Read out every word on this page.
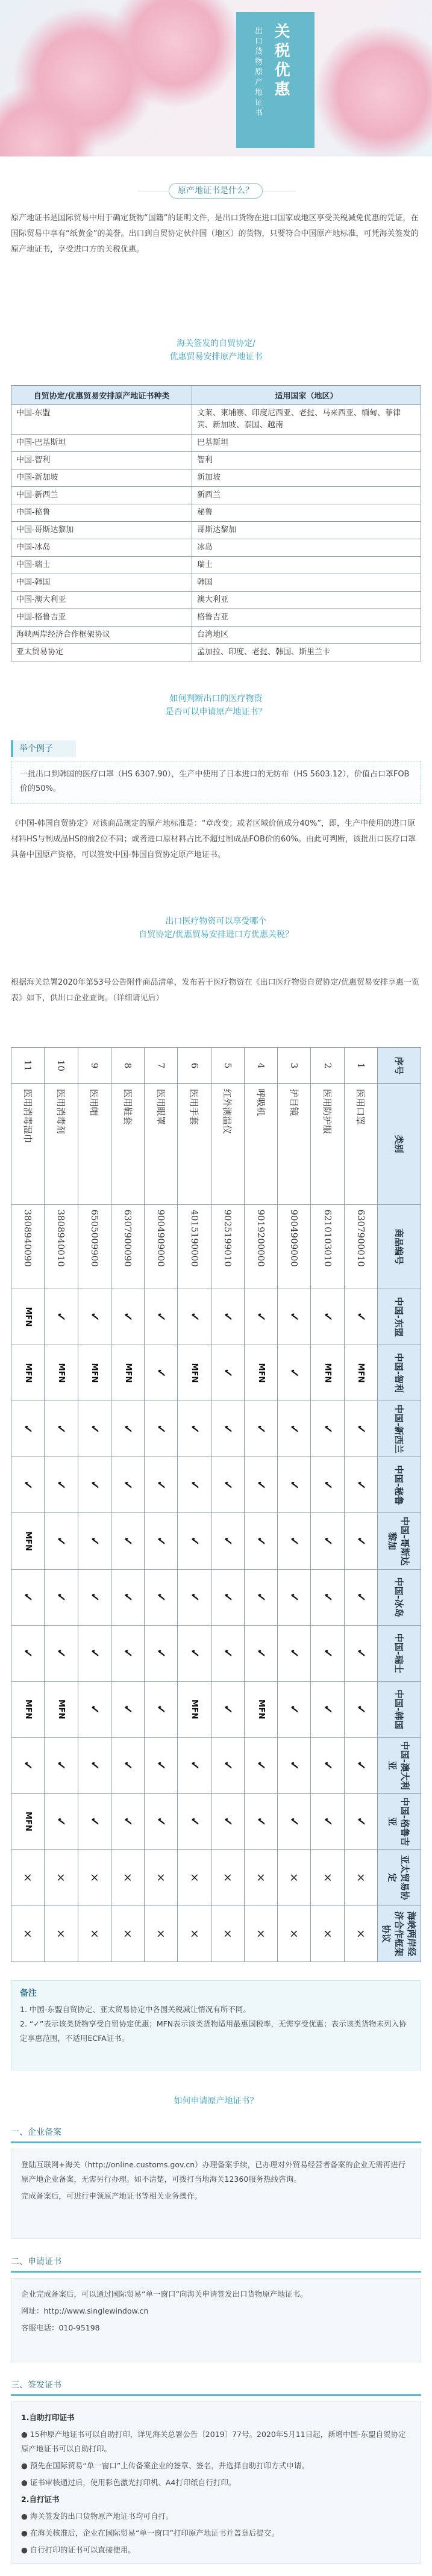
关税优惠
出口货物原产地证书
原产地证书是什么？
原产地证书是国际贸易中用于确定货物“国籍”的证明文件，是出口货物在进口国家或地区享受关税减免优惠的凭证，在国际贸易中享有“纸黄金”的美誉。出口到自贸协定伙伴国（地区）的货物，只要符合中国原产地标准，可凭海关签发的原产地证书，享受进口方的关税优惠。
海关签发的自贸协定/
优惠贸易安排原产地证书
自贸协定/优惠贸易安排原产地证书种类	适用国家（地区）
中国-东盟	文莱、柬埔寨、印度尼西亚、老挝、马来西亚、缅甸、菲律宾、新加坡、泰国、越南
中国-巴基斯坦	巴基斯坦
中国-智利	智利
中国-新加坡	新加坡
中国-新西兰	新西兰
中国-秘鲁	秘鲁
中国-哥斯达黎加	哥斯达黎加
中国-冰岛	冰岛
中国-瑞士	瑞士
中国-韩国	韩国
中国-澳大利亚	澳大利亚
中国-格鲁吉亚	格鲁吉亚
海峡两岸经济合作框架协议	台湾地区
亚太贸易协定	孟加拉、印度、老挝、韩国、斯里兰卡
如何判断出口的医疗物资
是否可以申请原产地证书？
举个例子
一批出口到韩国的医疗口罩（HS 6307.90），生产中使用了日本进口的无纺布（HS 5603.12），价值占口罩FOB价的50%。
《中国-韩国自贸协定》对该商品规定的原产地标准是：“章改变；或者区域价值成分40%”，即，生产中使用的进口原材料HS与制成品HS的前2位不同；或者进口原材料占比不超过制成品FOB价的60%。由此可判断，该批出口医疗口罩具备中国原产资格，可以签发中国-韩国自贸协定原产地证书。
出口医疗物资可以享受哪个
自贸协定/优惠贸易安排进口方优惠关税？
根据海关总署2020年第53号公告附件商品清单，发布若干医疗物资在《出口医疗物资自贸协定/优惠贸易安排享惠一览表》如下，供出口企业查询。（详细请见后）
序号	类别	商品编号	中国-东盟	中国-智利	中国-新西兰	中国-秘鲁	中国-哥斯达黎加	中国-冰岛	中国-瑞士	中国-韩国	中国-澳大利亚	中国-格鲁吉亚	亚太贸易协定	海峡两岸经济合作框架协议
1	医用口罩	6307900010	✓	MFN	✓	✓	✓	✓	✓	✓	✓	✓	×	×
2	医用防护服	6210103010	✓	MFN	✓	✓	✓	✓	✓	✓	✓	✓	×	×
3	护目镜	9004909000	✓	✓	✓	✓	✓	✓	✓	✓	✓	✓	×	×
4	呼吸机	9019200000	✓	MFN	✓	✓	✓	✓	✓	MFN	✓	✓	×	×
5	红外测温仪	9025199010	✓	✓	✓	✓	✓	✓	✓	✓	✓	✓	×	×
6	医用手套	4015190000	✓	MFN	✓	✓	✓	✓	✓	MFN	✓	✓	×	×
7	医用眼罩	9004909000	✓	✓	✓	✓	✓	✓	✓	✓	✓	✓	×	×
8	医用鞋套	6307900090	✓	MFN	✓	✓	✓	✓	✓	✓	✓	✓	×	×
9	医用帽	6505009900	✓	MFN	✓	✓	✓	✓	✓	✓	✓	✓	×	×
10	医用消毒剂	3808940010	✓	MFN	✓	✓	✓	✓	✓	MFN	✓	✓	×	×
11	医用消毒湿巾	3808940090	MFN	MFN	✓	✓	MFN	✓	✓	MFN	✓	MFN	×	×
备注
1. 中国-东盟自贸协定、亚太贸易协定中各国关税减让情况有所不同。
2. “✓”表示该类货物享受自贸协定优惠；MFN表示该类货物适用最惠国税率，无需享受优惠；表示该类货物未列入协定享惠范围，不适用ECFA证书。
如何申请原产地证书？
一、企业备案

登陆互联网+海关（http://online.customs.gov.cn）办理备案手续，已办理对外贸易经营者备案的企业无需再进行原产地企业备案，无需另行办理。如不清楚，可拨打当地海关12360服务热线咨询。

完成备案后，可进行申领原产地证书等相关业务操作。

二、申请证书

企业完成备案后，可以通过国际贸易“单一窗口”向海关申请签发出口货物原产地证书。

网址：http://www.singlewindow.cn

客服电话：010-95198

三、签发证书

1.自助打印证书

● 15种原产地证书可以自助打印，详见海关总署公告〔2019〕77号。2020年5月11日起，新增中国-东盟自贸协定原产地证书可以自助打印。

● 预先在国际贸易“单一窗口”上传备案企业的签章、签名，并选择自助打印方式申请。

● 证书审核通过后，使用彩色激光打印机、A4打印纸自行打印。

2.自打证书

● 海关签发的出口货物原产地证书均可自打。

● 在海关核准后，企业在国际贸易“单一窗口”打印原产地证书并盖章后提交。

● 自行打印的证书可以直接使用。
